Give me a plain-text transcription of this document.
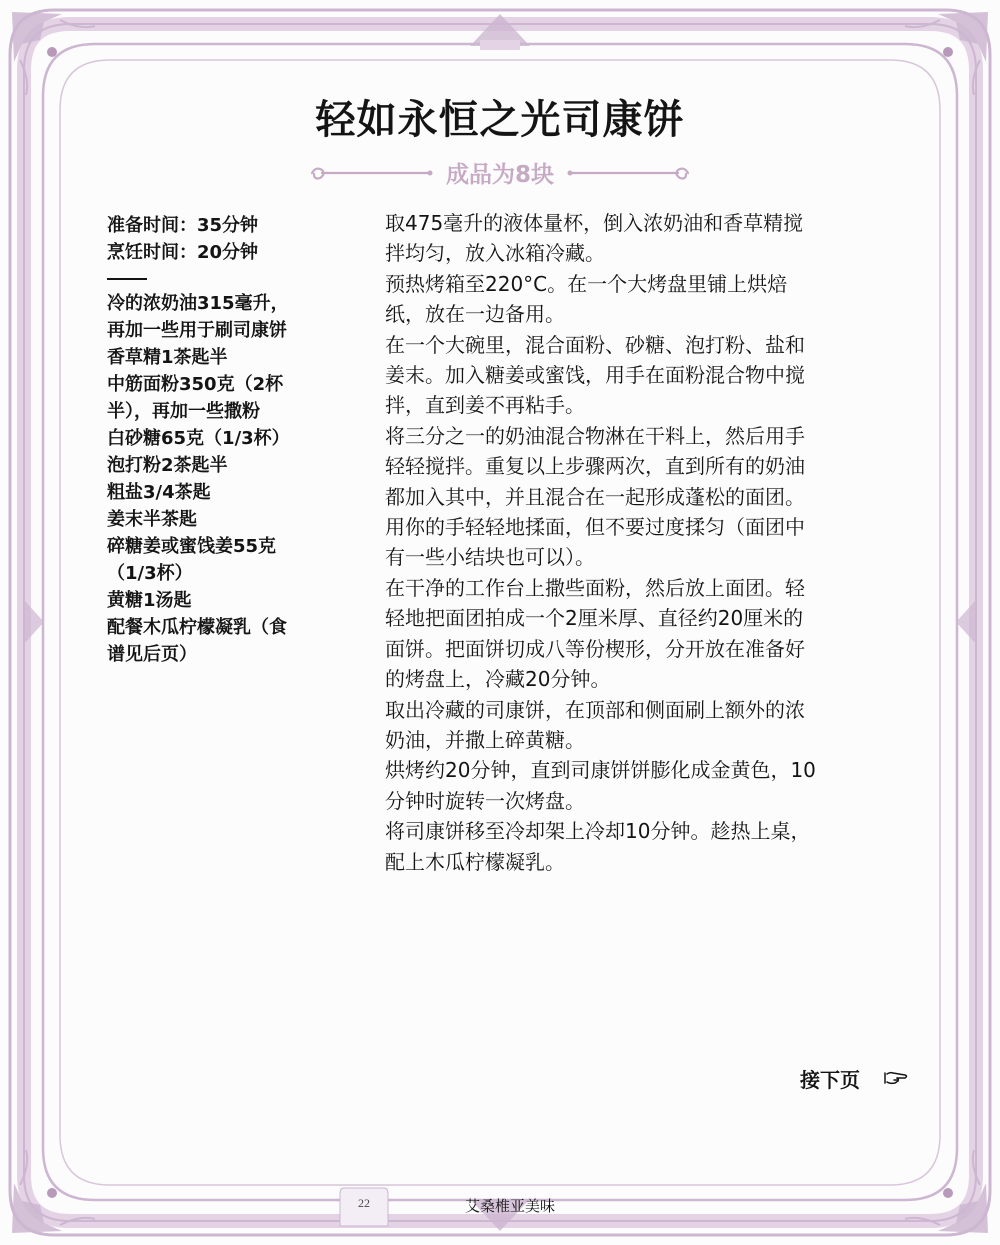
轻如永恒之光司康饼
成品为8块
准备时间：35分钟
烹饪时间：20分钟
冷的浓奶油315毫升，
再加一些用于刷司康饼
香草精1茶匙半
中筋面粉350克（2杯
半），再加一些撒粉
白砂糖65克（1/3杯）
泡打粉2茶匙半
粗盐3/4茶匙
姜末半茶匙
碎糖姜或蜜饯姜55克
（1/3杯）
黄糖1汤匙
配餐木瓜柠檬凝乳（食
谱见后页）
取475毫升的液体量杯，倒入浓奶油和香草精搅
拌均匀，放入冰箱冷藏。
预热烤箱至220°C。在一个大烤盘里铺上烘焙
纸，放在一边备用。
在一个大碗里，混合面粉、砂糖、泡打粉、盐和
姜末。加入糖姜或蜜饯，用手在面粉混合物中搅
拌，直到姜不再粘手。
将三分之一的奶油混合物淋在干料上，然后用手
轻轻搅拌。重复以上步骤两次，直到所有的奶油
都加入其中，并且混合在一起形成蓬松的面团。
用你的手轻轻地揉面，但不要过度揉匀（面团中
有一些小结块也可以）。
在干净的工作台上撒些面粉，然后放上面团。轻
轻地把面团拍成一个2厘米厚、直径约20厘米的
面饼。把面饼切成八等份楔形，分开放在准备好
的烤盘上，冷藏20分钟。
取出冷藏的司康饼，在顶部和侧面刷上额外的浓
奶油，并撒上碎黄糖。
烘烤约20分钟，直到司康饼饼膨化成金黄色，10
分钟时旋转一次烤盘。
将司康饼移至冷却架上冷却10分钟。趁热上桌，
配上木瓜柠檬凝乳。
接下页
22	艾桑椎亚美味
